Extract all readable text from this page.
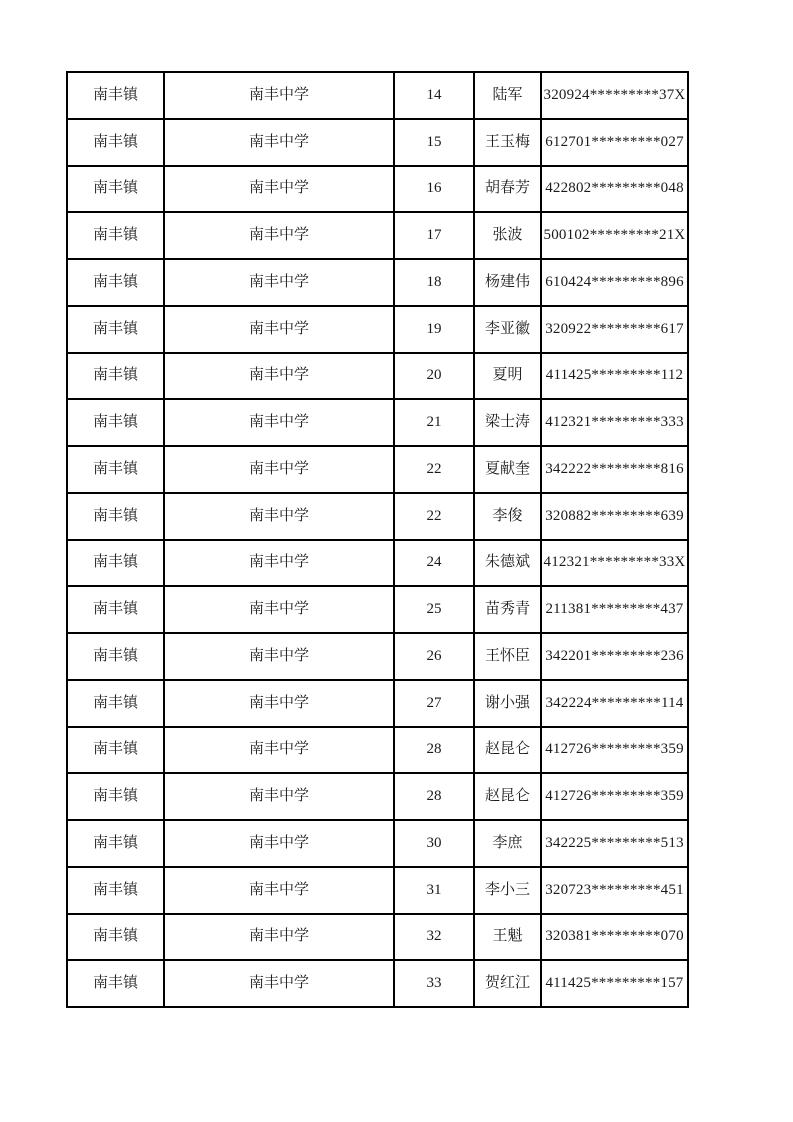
南丰镇	南丰中学	14	陆军	320924*********37X
南丰镇	南丰中学	15	王玉梅	612701*********027
南丰镇	南丰中学	16	胡春芳	422802*********048
南丰镇	南丰中学	17	张波	500102*********21X
南丰镇	南丰中学	18	杨建伟	610424*********896
南丰镇	南丰中学	19	李亚徽	320922*********617
南丰镇	南丰中学	20	夏明	411425*********112
南丰镇	南丰中学	21	梁士涛	412321*********333
南丰镇	南丰中学	22	夏献奎	342222*********816
南丰镇	南丰中学	22	李俊	320882*********639
南丰镇	南丰中学	24	朱德斌	412321*********33X
南丰镇	南丰中学	25	苗秀青	211381*********437
南丰镇	南丰中学	26	王怀臣	342201*********236
南丰镇	南丰中学	27	谢小强	342224*********114
南丰镇	南丰中学	28	赵昆仑	412726*********359
南丰镇	南丰中学	28	赵昆仑	412726*********359
南丰镇	南丰中学	30	李庶	342225*********513
南丰镇	南丰中学	31	李小三	320723*********451
南丰镇	南丰中学	32	王魁	320381*********070
南丰镇	南丰中学	33	贺红江	411425*********157
